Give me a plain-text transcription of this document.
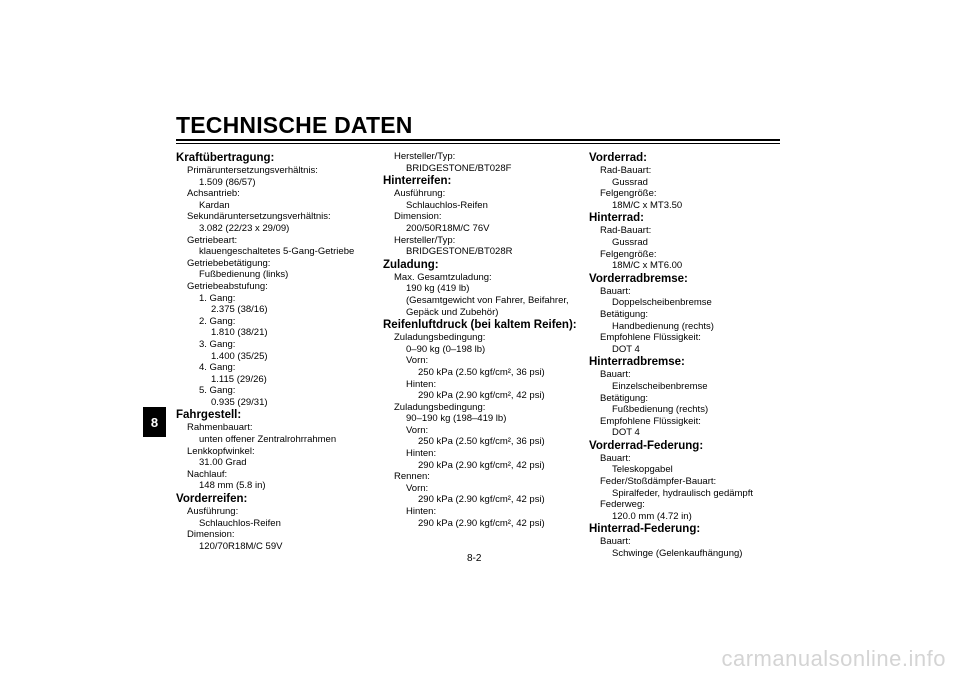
TECHNISCHE DATEN
8
Kraftübertragung:
Primäruntersetzungsverhältnis:
1.509 (86/57)
Achsantrieb:
Kardan
Sekundäruntersetzungsverhältnis:
3.082 (22/23 x 29/09)
Getriebeart:
klauengeschaltetes 5-Gang-Getriebe
Getriebebetätigung:
Fußbedienung (links)
Getriebeabstufung:
1. Gang:
2.375 (38/16)
2. Gang:
1.810 (38/21)
3. Gang:
1.400 (35/25)
4. Gang:
1.115 (29/26)
5. Gang:
0.935 (29/31)
Fahrgestell:
Rahmenbauart:
unten offener Zentralrohrrahmen
Lenkkopfwinkel:
31.00 Grad
Nachlauf:
148 mm (5.8 in)
Vorderreifen:
Ausführung:
Schlauchlos-Reifen
Dimension:
120/70R18M/C 59V
Hersteller/Typ:
BRIDGESTONE/BT028F
Hinterreifen:
Ausführung:
Schlauchlos-Reifen
Dimension:
200/50R18M/C 76V
Hersteller/Typ:
BRIDGESTONE/BT028R
Zuladung:
Max. Gesamtzuladung:
190 kg (419 lb)
(Gesamtgewicht von Fahrer, Beifahrer,
Gepäck und Zubehör)
Reifenluftdruck (bei kaltem Reifen):
Zuladungsbedingung:
0–90 kg (0–198 lb)
Vorn:
250 kPa (2.50 kgf/cm², 36 psi)
Hinten:
290 kPa (2.90 kgf/cm², 42 psi)
Zuladungsbedingung:
90–190 kg (198–419 lb)
Vorn:
250 kPa (2.50 kgf/cm², 36 psi)
Hinten:
290 kPa (2.90 kgf/cm², 42 psi)
Rennen:
Vorn:
290 kPa (2.90 kgf/cm², 42 psi)
Hinten:
290 kPa (2.90 kgf/cm², 42 psi)
Vorderrad:
Rad-Bauart:
Gussrad
Felgengröße:
18M/C x MT3.50
Hinterrad:
Rad-Bauart:
Gussrad
Felgengröße:
18M/C x MT6.00
Vorderradbremse:
Bauart:
Doppelscheibenbremse
Betätigung:
Handbedienung (rechts)
Empfohlene Flüssigkeit:
DOT 4
Hinterradbremse:
Bauart:
Einzelscheibenbremse
Betätigung:
Fußbedienung (rechts)
Empfohlene Flüssigkeit:
DOT 4
Vorderrad-Federung:
Bauart:
Teleskopgabel
Feder/Stoßdämpfer-Bauart:
Spiralfeder, hydraulisch gedämpft
Federweg:
120.0 mm (4.72 in)
Hinterrad-Federung:
Bauart:
Schwinge (Gelenkaufhängung)
8-2
carmanualsonline.info
